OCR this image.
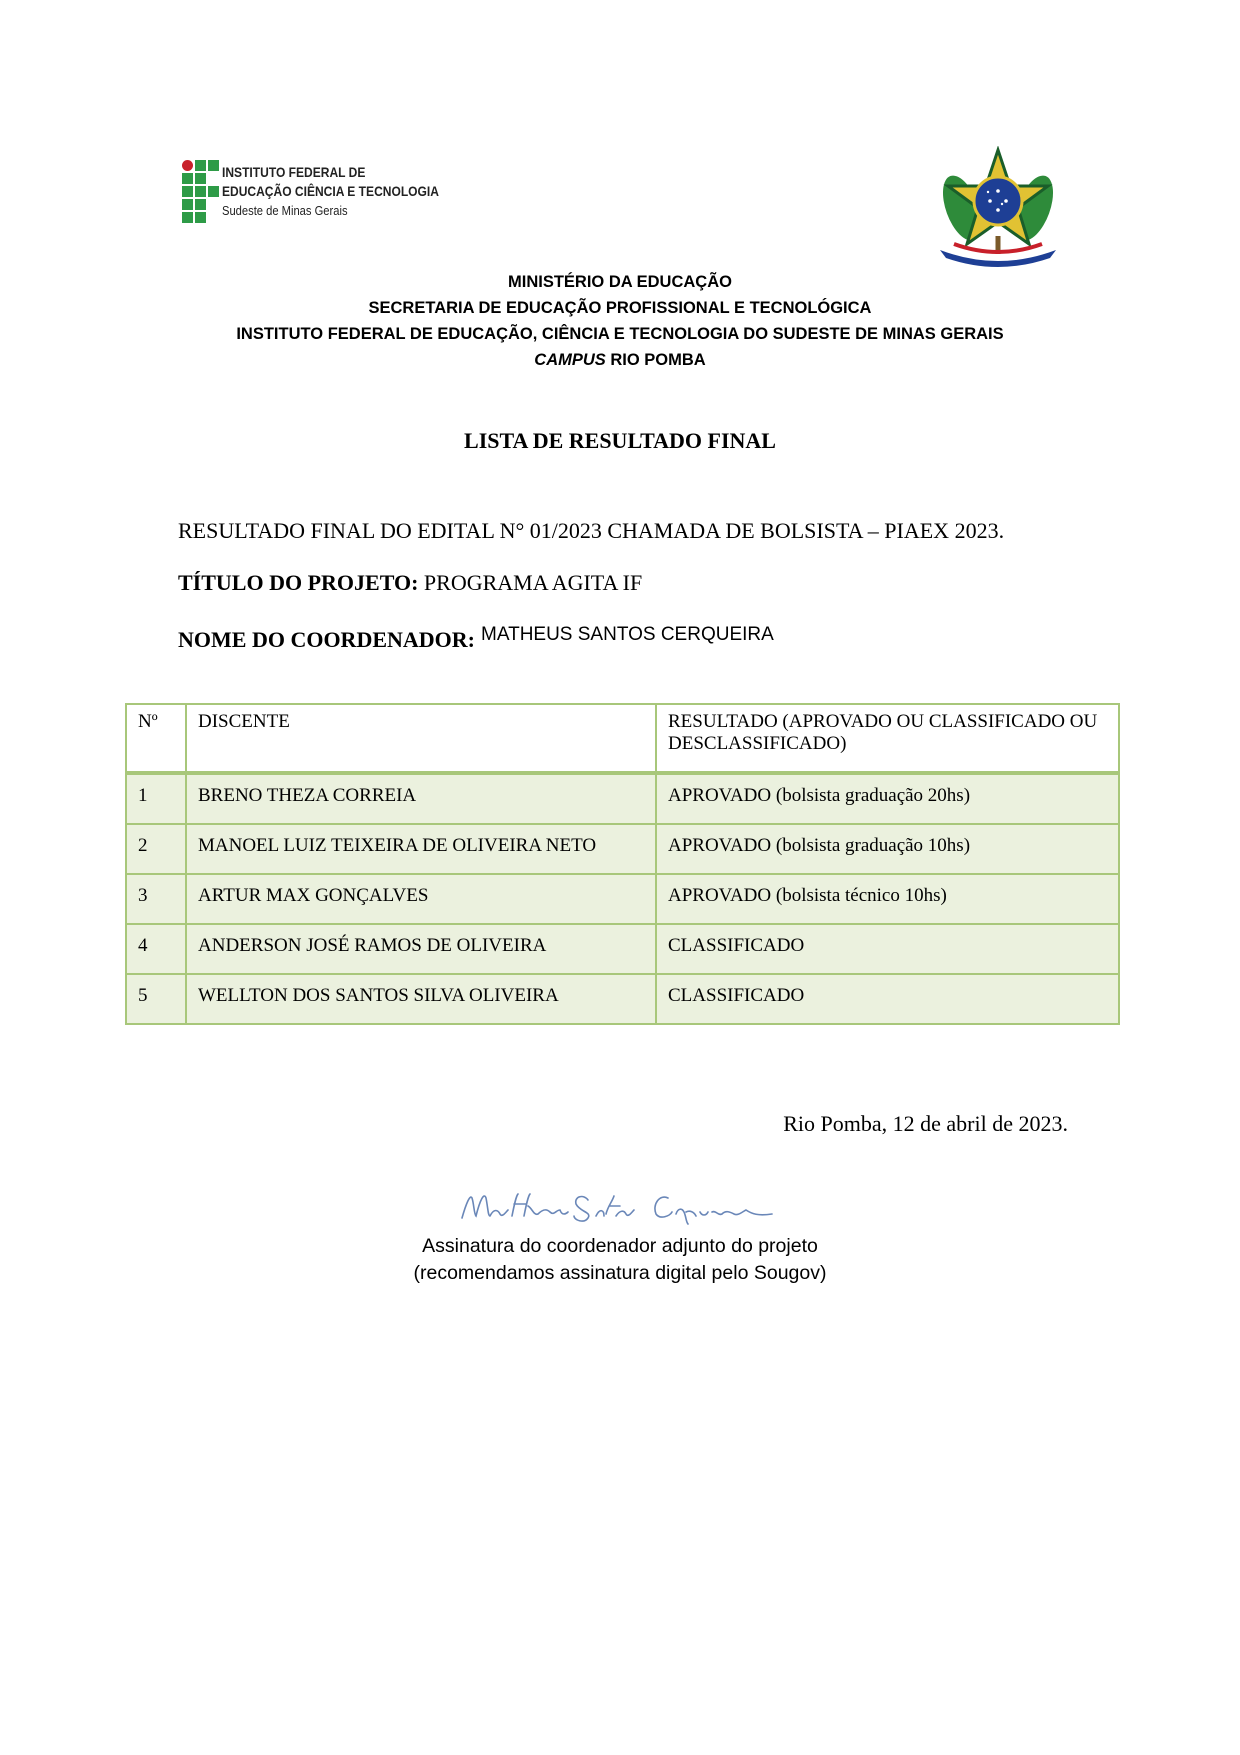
INSTITUTO FEDERAL DE
EDUCAÇÃO CIÊNCIA E TECNOLOGIA
Sudeste de Minas Gerais
MINISTÉRIO DA EDUCAÇÃO
SECRETARIA DE EDUCAÇÃO PROFISSIONAL E TECNOLÓGICA
INSTITUTO FEDERAL DE EDUCAÇÃO, CIÊNCIA E TECNOLOGIA DO SUDESTE DE MINAS GERAIS
CAMPUS RIO POMBA
LISTA DE RESULTADO FINAL
RESULTADO FINAL DO EDITAL N° 01/2023 CHAMADA DE BOLSISTA – PIAEX 2023.
TÍTULO DO PROJETO: PROGRAMA AGITA IF
NOME DO COORDENADOR: MATHEUS SANTOS CERQUEIRA
Nº	DISCENTE	RESULTADO (APROVADO OU CLASSIFICADO OU DESCLASSIFICADO)
1	BRENO THEZA CORREIA	APROVADO (bolsista graduação 20hs)
2	MANOEL LUIZ TEIXEIRA DE OLIVEIRA NETO	APROVADO (bolsista graduação 10hs)
3	ARTUR MAX GONÇALVES	APROVADO (bolsista técnico 10hs)
4	ANDERSON JOSÉ RAMOS DE OLIVEIRA	CLASSIFICADO
5	WELLTON DOS SANTOS SILVA OLIVEIRA	CLASSIFICADO
Rio Pomba, 12 de abril de 2023.
Assinatura do coordenador adjunto do projeto
(recomendamos assinatura digital pelo Sougov)
